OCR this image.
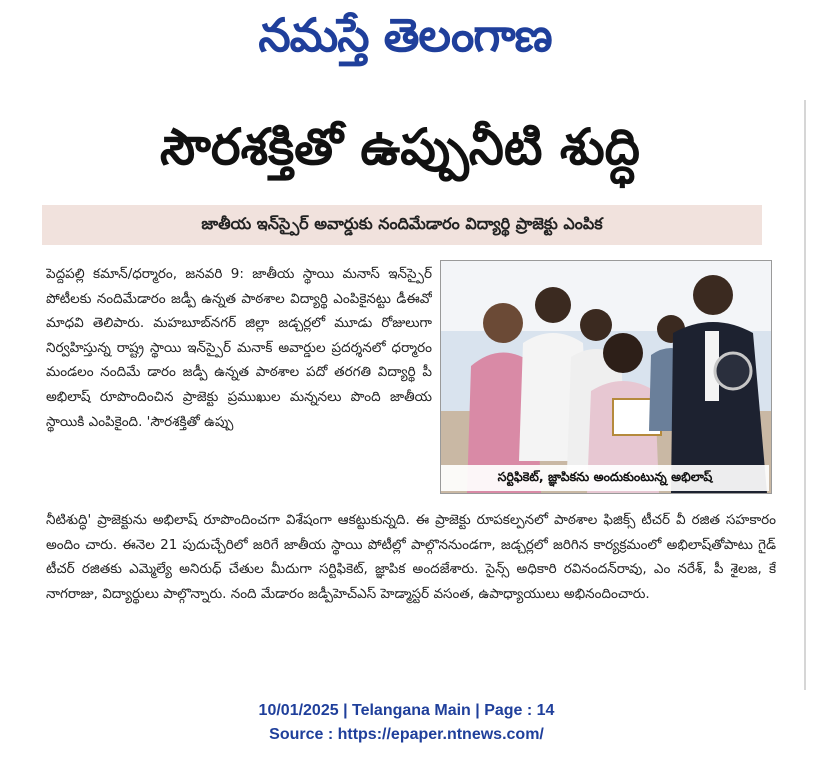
నమస్తే తెలంగాణ
సౌరశక్తితో ఉప్పునీటి శుద్ధి
జాతీయ ఇన్‌స్పైర్ అవార్డుకు నందిమేడారం విద్యార్థి ప్రాజెక్టు ఎంపిక
పెద్దపల్లి కమాన్/ధర్మారం, జనవరి 9: జాతీయ స్థాయి మనాస్ ఇన్‌స్పైర్ పోటీలకు నందిమేడారం జడ్పీ ఉన్నత పాఠశాల విద్యార్థి ఎంపికైనట్టు డీఈవో మాధవి తెలిపారు. మహబూబ్‌నగర్ జిల్లా జడ్చర్లలో మూడు రోజులుగా నిర్వహిస్తున్న రాష్ట్ర స్థాయి ఇన్‌స్పైర్ మనాక్ అవార్డుల ప్రదర్శనలో ధర్మారం మండలం నందిమే డారం జడ్పీ ఉన్నత పాఠశాల పదో తరగతి విద్యార్థి పీ అభిలాష్ రూపొందించిన ప్రాజెక్టు ప్రముఖుల మన్ననలు పొంది జాతీయ స్థాయికి ఎంపికైంది. 'సౌరశక్తితో ఉప్పు
సర్టిఫికెట్, జ్ఞాపికను అందుకుంటున్న అభిలాష్
నీటిశుద్ధి' ప్రాజెక్టును అభిలాష్ రూపొందించగా విశేషంగా ఆకట్టుకున్నది. ఈ ప్రాజెక్టు రూపకల్పనలో పాఠశాల ఫిజిక్స్ టీచర్ వీ రజిత సహకారం అందిం చారు. ఈనెల 21 పుదుచ్చేరిలో జరిగే జాతీయ స్థాయి పోటీల్లో పాల్గొననుండగా, జడ్చర్లలో జరిగిన కార్యక్రమంలో అభిలాష్‌తోపాటు గైడ్ టీచర్ రజితకు ఎమ్మెల్యే అనిరుధ్ చేతుల మీదుగా సర్టిఫికెట్, జ్ఞాపిక అందజేశారు. సైన్స్ అధికారి రవినందన్‌రావు, ఎం నరేశ్, పీ శైలజ, కే నాగరాజు, విద్యార్థులు పాల్గొన్నారు. నంది మేడారం జడ్పీహెచ్‌ఎస్ హెడ్మాస్టర్ వసంత, ఉపాధ్యాయులు అభినందించారు.
10/01/2025 | Telangana Main | Page : 14
Source : https://epaper.ntnews.com/
